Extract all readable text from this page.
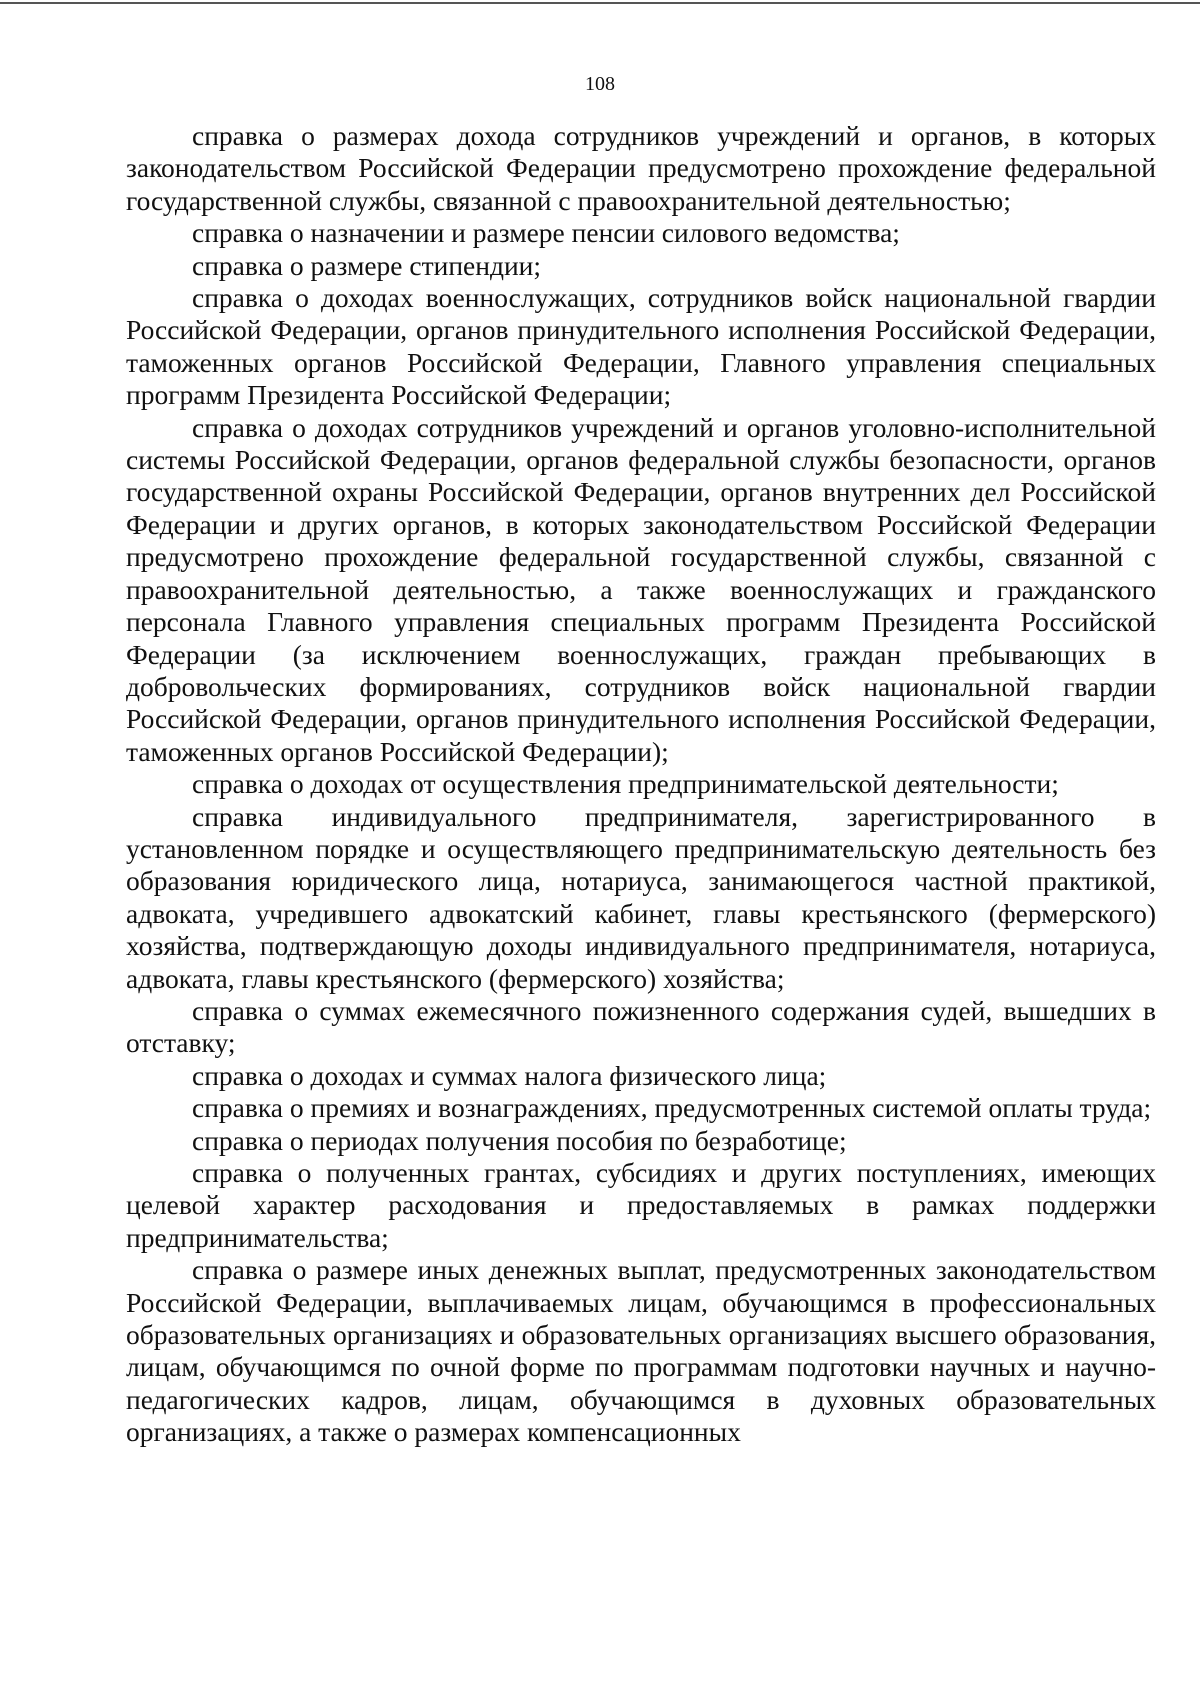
108

справка о размерах дохода сотрудников учреждений и органов, в которых законодательством Российской Федерации предусмотрено прохождение федеральной государственной службы, связанной с правоохранительной деятельностью;

справка о назначении и размере пенсии силового ведомства;

справка о размере стипендии;

справка о доходах военнослужащих, сотрудников войск национальной гвардии Российской Федерации, органов принудительного исполнения Российской Федерации, таможенных органов Российской Федерации, Главного управления специальных программ Президента Российской Федерации;

справка о доходах сотрудников учреждений и органов уголовно-исполнительной системы Российской Федерации, органов федеральной службы безопасности, органов государственной охраны Российской Федерации, органов внутренних дел Российской Федерации и других органов, в которых законодательством Российской Федерации предусмотрено прохождение федеральной государственной службы, связанной с правоохранительной деятельностью, а также военнослужащих и гражданского персонала Главного управления специальных программ Президента Российской Федерации (за исключением военнослужащих, граждан пребывающих в добровольческих формированиях, сотрудников войск национальной гвардии Российской Федерации, органов принудительного исполнения Российской Федерации, таможенных органов Российской Федерации);

справка о доходах от осуществления предпринимательской деятельности;

справка индивидуального предпринимателя, зарегистрированного в установленном порядке и осуществляющего предпринимательскую деятельность без образования юридического лица, нотариуса, занимающегося частной практикой, адвоката, учредившего адвокатский кабинет, главы крестьянского (фермерского) хозяйства, подтверждающую доходы индивидуального предпринимателя, нотариуса, адвоката, главы крестьянского (фермерского) хозяйства;

справка о суммах ежемесячного пожизненного содержания судей, вышедших в отставку;

справка о доходах и суммах налога физического лица;

справка о премиях и вознаграждениях, предусмотренных системой оплаты труда;

справка о периодах получения пособия по безработице;

справка о полученных грантах, субсидиях и других поступлениях, имеющих целевой характер расходования и предоставляемых в рамках поддержки предпринимательства;

справка о размере иных денежных выплат, предусмотренных законодательством Российской Федерации, выплачиваемых лицам, обучающимся в профессиональных образовательных организациях и образовательных организациях высшего образования, лицам, обучающимся по очной форме по программам подготовки научных и научно-педагогических кадров, лицам, обучающимся в духовных образовательных организациях, а также о размерах компенсационных
